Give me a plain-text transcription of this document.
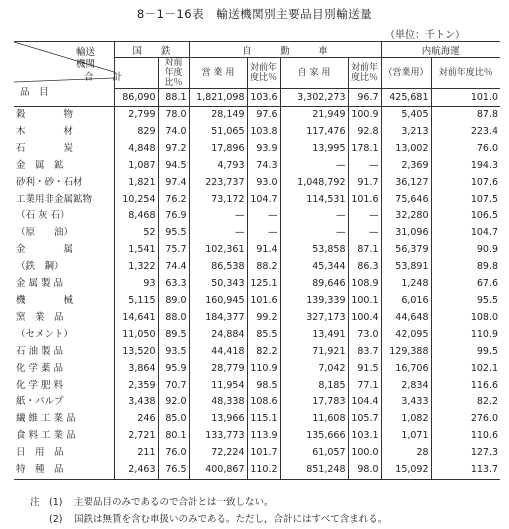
8－1－16表　輸送機関別主要品目別輸送量
（単位：千トン）
輸送
機関
合　　計
品　目	国　　鉄		自　　　動　　　車				内航海運	
		対前年度比％	営 業 用	対前年度比％	自 家 用	対前年度比％	（営業用）	対前年度比％
	86,090	88.1	1,821,098	103.6	3,302,273	96.7	425,681	101.0
穀　　　　物	2,799	78.0	28,149	97.6	21,949	100.9	5,405	87.8
木　　　　材	829	74.0	51,065	103.8	117,476	92.8	3,213	223.4
石　　　　炭	4,848	97.2	17,896	93.9	13,995	178.1	13,002	76.0
金　属　鉱	1,087	94.5	4,793	74.3	—	—	2,369	194.3
砂利・砂・石材	1,821	97.4	223,737	93.0	1,048,792	91.7	36,127	107.6
工業用非金属鉱物	10,254	76.2	73,172	104.7	114,531	101.6	75,646	107.5
（石 灰 石）	8,468	76.9	—	—	—	—	32,280	106.5
（原　　油）	52	95.5	—	—	—	—	31,096	104.7
金　　　　属	1,541	75.7	102,361	91.4	53,858	87.1	56,379	90.9
（鉄　鋼）	1,322	74.4	86,538	88.2	45,344	86.3	53,891	89.8
金 属 製 品	93	63.3	50,343	125.1	89,646	108.9	1,248	67.6
機　　　　械	5,115	89.0	160,945	101.6	139,339	100.1	6,016	95.5
窯　業　品	14,641	88.0	184,377	99.2	327,173	100.4	44,648	108.0
（セメント）	11,050	89.5	24,884	85.5	13,491	73.0	42,095	110.9
石 油 製 品	13,520	93.5	44,418	82.2	71,921	83.7	129,388	99.5
化 学 薬 品	3,864	95.9	28,779	110.9	7,042	91.5	16,706	102.1
化 学 肥 料	2,359	70.7	11,954	98.5	8,185	77.1	2,834	116.6
紙・パルプ	3,438	92.0	48,338	108.6	17,783	104.4	3,433	82.2
繊 維 工 業 品	246	85.0	13,966	115.1	11,608	105.7	1,082	276.0
食 料 工 業 品	2,721	80.1	133,773	113.9	135,666	103.1	1,071	110.6
日　用　品	211	76.0	72,224	101.7	61,057	100.0	28	127.3
特　種　品	2,463	76.5	400,867	110.2	851,248	98.0	15,092	113.7
注　(1) 主要品目のみであるので合計とは一致しない。
　　(2) 国鉄は無賃を含む車扱いのみである。ただし，合計にはすべて含まれる。
